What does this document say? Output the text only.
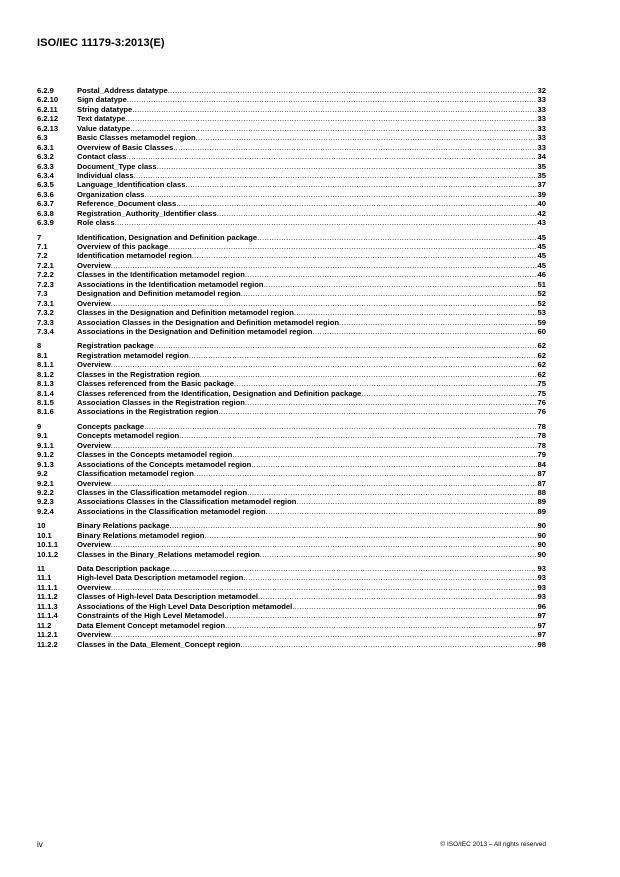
ISO/IEC 11179-3:2013(E)
6.2.9	Postal_Address datatype .....	32
6.2.10	Sign datatype .....	33
6.2.11	String datatype .....	33
6.2.12	Text datatype .....	33
6.2.13	Value datatype .....	33
6.3	Basic Classes metamodel region .....	33
6.3.1	Overview of Basic Classes .....	33
6.3.2	Contact class .....	34
6.3.3	Document_Type class .....	35
6.3.4	Individual class .....	35
6.3.5	Language_Identification class .....	37
6.3.6	Organization class .....	39
6.3.7	Reference_Document class .....	40
6.3.8	Registration_Authority_Identifier class .....	42
6.3.9	Role class .....	43
7	Identification, Designation and Definition package .....	45
7.1	Overview of this package .....	45
7.2	Identification metamodel region .....	45
7.2.1	Overview .....	45
7.2.2	Classes in the Identification metamodel region .....	46
7.2.3	Associations in the Identification metamodel region .....	51
7.3	Designation and Definition metamodel region .....	52
7.3.1	Overview .....	52
7.3.2	Classes in the Designation and Definition metamodel region .....	53
7.3.3	Association Classes in the Designation and Definition metamodel region .....	59
7.3.4	Associations in the Designation and Definition metamodel region .....	60
8	Registration package .....	62
8.1	Registration metamodel region .....	62
8.1.1	Overview .....	62
8.1.2	Classes in the Registration region .....	62
8.1.3	Classes referenced from the Basic package .....	75
8.1.4	Classes referenced from the Identification, Designation and Definition package .....	75
8.1.5	Association Classes in the Registration region .....	76
8.1.6	Associations in the Registration region .....	76
9	Concepts package .....	78
9.1	Concepts metamodel region .....	78
9.1.1	Overview .....	78
9.1.2	Classes in the Concepts metamodel region .....	79
9.1.3	Associations of the Concepts metamodel region .....	84
9.2	Classification metamodel region .....	87
9.2.1	Overview .....	87
9.2.2	Classes in the Classification metamodel region .....	88
9.2.3	Associations Classes in the Classification metamodel region .....	89
9.2.4	Associations in the Classification metamodel region .....	89
10	Binary Relations package .....	90
10.1	Binary Relations metamodel region .....	90
10.1.1	Overview .....	90
10.1.2	Classes in the Binary_Relations metamodel region .....	90
11	Data Description package .....	93
11.1	High-level Data Description metamodel region .....	93
11.1.1	Overview .....	93
11.1.2	Classes of High-level Data Description metamodel .....	93
11.1.3	Associations of the High Level Data Description metamodel .....	96
11.1.4	Constraints of the High Level Metamodel .....	97
11.2	Data Element Concept metamodel region .....	97
11.2.1	Overview .....	97
11.2.2	Classes in the Data_Element_Concept region .....	98
iv	© ISO/IEC 2013 – All rights reserved
